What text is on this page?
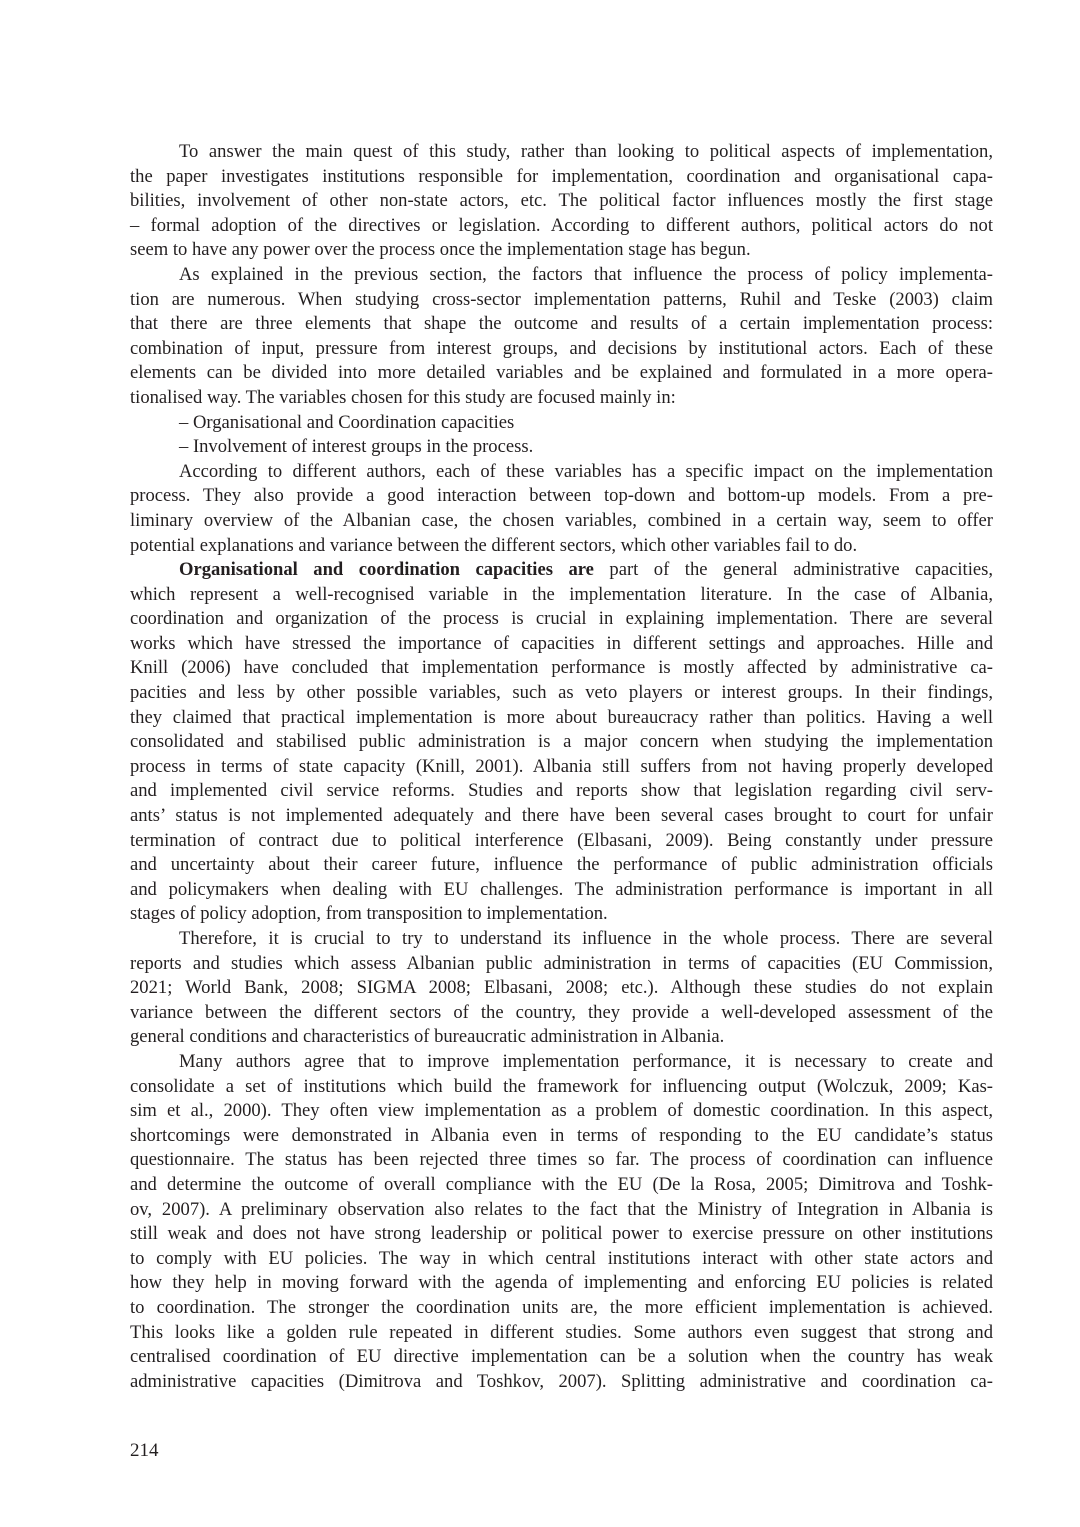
To answer the main quest of this study, rather than looking to political aspects of implementation,
the paper investigates institutions responsible for implementation, coordination and organisational capa-
bilities, involvement of other non-state actors, etc. The political factor influences mostly the first stage
– formal adoption of the directives or legislation. According to different authors, political actors do not
seem to have any power over the process once the implementation stage has begun.
As explained in the previous section, the factors that influence the process of policy implementa-
tion are numerous. When studying cross-sector implementation patterns, Ruhil and Teske (2003) claim
that there are three elements that shape the outcome and results of a certain implementation process:
combination of input, pressure from interest groups, and decisions by institutional actors. Each of these
elements can be divided into more detailed variables and be explained and formulated in a more opera-
tionalised way. The variables chosen for this study are focused mainly in:
– Organisational and Coordination capacities
– Involvement of interest groups in the process.
According to different authors, each of these variables has a specific impact on the implementation
process. They also provide a good interaction between top-down and bottom-up models. From a pre-
liminary overview of the Albanian case, the chosen variables, combined in a certain way, seem to offer
potential explanations and variance between the different sectors, which other variables fail to do.
Organisational and coordination capacities are part of the general administrative capacities,
which represent a well-recognised variable in the implementation literature. In the case of Albania,
coordination and organization of the process is crucial in explaining implementation. There are several
works which have stressed the importance of capacities in different settings and approaches. Hille and
Knill (2006) have concluded that implementation performance is mostly affected by administrative ca-
pacities and less by other possible variables, such as veto players or interest groups. In their findings,
they claimed that practical implementation is more about bureaucracy rather than politics. Having a well
consolidated and stabilised public administration is a major concern when studying the implementation
process in terms of state capacity (Knill, 2001). Albania still suffers from not having properly developed
and implemented civil service reforms. Studies and reports show that legislation regarding civil serv-
ants’ status is not implemented adequately and there have been several cases brought to court for unfair
termination of contract due to political interference (Elbasani, 2009). Being constantly under pressure
and uncertainty about their career future, influence the performance of public administration officials
and policymakers when dealing with EU challenges. The administration performance is important in all
stages of policy adoption, from transposition to implementation.
Therefore, it is crucial to try to understand its influence in the whole process. There are several
reports and studies which assess Albanian public administration in terms of capacities (EU Commission,
2021; World Bank, 2008; SIGMA 2008; Elbasani, 2008; etc.). Although these studies do not explain
variance between the different sectors of the country, they provide a well-developed assessment of the
general conditions and characteristics of bureaucratic administration in Albania.
Many authors agree that to improve implementation performance, it is necessary to create and
consolidate a set of institutions which build the framework for influencing output (Wolczuk, 2009; Kas-
sim et al., 2000). They often view implementation as a problem of domestic coordination. In this aspect,
shortcomings were demonstrated in Albania even in terms of responding to the EU candidate’s status
questionnaire. The status has been rejected three times so far. The process of coordination can influence
and determine the outcome of overall compliance with the EU (De la Rosa, 2005; Dimitrova and Toshk-
ov, 2007). A preliminary observation also relates to the fact that the Ministry of Integration in Albania is
still weak and does not have strong leadership or political power to exercise pressure on other institutions
to comply with EU policies. The way in which central institutions interact with other state actors and
how they help in moving forward with the agenda of implementing and enforcing EU policies is related
to coordination. The stronger the coordination units are, the more efficient implementation is achieved.
This looks like a golden rule repeated in different studies. Some authors even suggest that strong and
centralised coordination of EU directive implementation can be a solution when the country has weak
administrative capacities (Dimitrova and Toshkov, 2007). Splitting administrative and coordination ca-
214
